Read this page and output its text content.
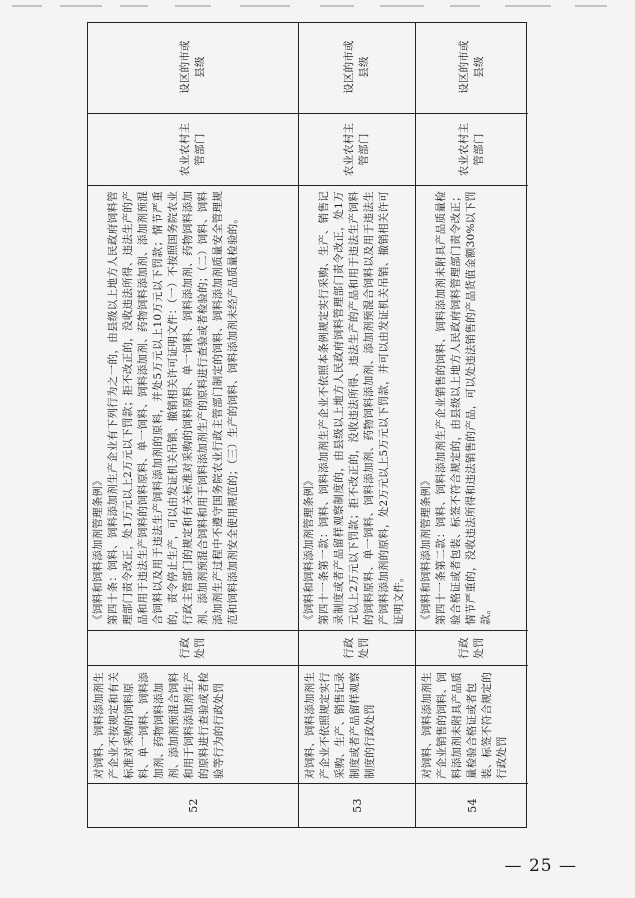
52
对饲料、饲料添加剂生产企业不按规定和有关标准对采购的饲料原料、单一饲料、饲料添加剂、药物饲料添加剂、添加剂预混合饲料和用于饲料添加剂生产的原料进行查验或者检验等行为的行政处罚
行政处罚

《饲料和饲料添加剂管理条例》 第四十条：饲料、饲料添加剂生产企业有下列行为之一的，由县级以上地方人民政府饲料管理部门责令改正，处1万元以上2万元以下罚款；拒不改正的，没收违法所得、违法生产的产品和用于违法生产饲料的饲料原料、单一饲料、饲料添加剂、药物饲料添加剂、添加剂预混合饲料以及用于违法生产饲料添加剂的原料，并处5万元以上10万元以下罚款；情节严重的，责令停止生产，可以由发证机关吊销、撤销相关许可证明文件：（一）不按照国务院农业行政主管部门的规定和有关标准对采购的饲料原料、单一饲料、饲料添加剂、药物饲料添加剂、添加剂预混合饲料和用于饲料添加剂生产的原料进行查验或者检验的；（二）饲料、饲料添加剂生产过程中不遵守国务院农业行政主管部门制定的饲料、饲料添加剂质量安全管理规范和饲料添加剂安全使用规范的；（三）生产的饲料、饲料添加剂未经产品质量检验的。

农业农村主管部门
设区的市或县级
53
对饲料、饲料添加剂生产企业不依照规定实行采购、生产、销售记录制度或者产品留样观察制度的行政处罚
行政处罚

《饲料和饲料添加剂管理条例》 第四十一条第一款：饲料、饲料添加剂生产企业不依照本条例规定实行采购、生产、销售记录制度或者产品留样观察制度的，由县级以上地方人民政府饲料管理部门责令改正，处1万元以上2万元以下罚款；拒不改正的，没收违法所得、违法生产的产品和用于违法生产饲料的饲料原料、单一饲料、饲料添加剂、药物饲料添加剂、添加剂预混合饲料以及用于违法生产饲料添加剂的原料，处2万元以上5万元以下罚款，并可以由发证机关吊销、撤销相关许可证明文件。

农业农村主管部门
设区的市或县级
54
对饲料、饲料添加剂生产企业销售的饲料、饲料添加剂未附具产品质量检验合格证或者包装、标签不符合规定的行政处罚
行政处罚

《饲料和饲料添加剂管理条例》 第四十一条第二款：饲料、饲料添加剂生产企业销售的饲料、饲料添加剂未附具产品质量检验合格证或者包装、标签不符合规定的，由县级以上地方人民政府饲料管理部门责令改正；情节严重的，没收违法所得和违法销售的产品，可以处违法销售的产品货值金额30%以下罚款。

农业农村主管部门
设区的市或县级
— 25 —
